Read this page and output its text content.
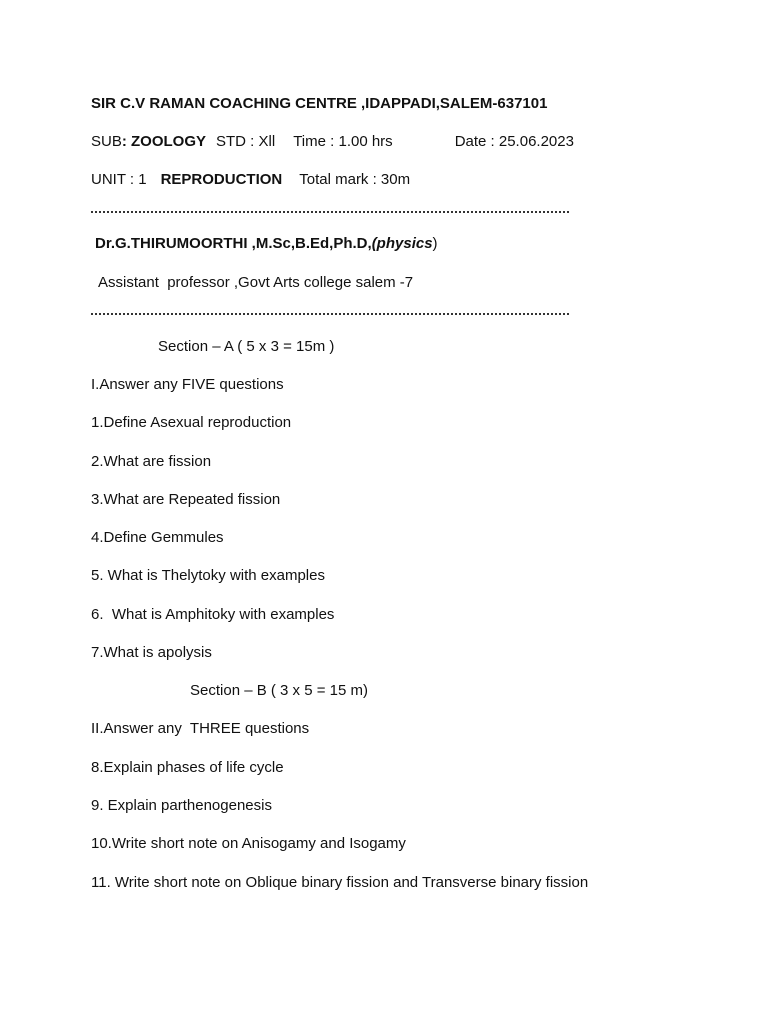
SIR C.V RAMAN COACHING CENTRE ,IDAPPADI,SALEM-637101
SUB: ZOOLOGY STD : Xll Time : 1.00 hrs	Date : 25.06.2023
UNIT : 1 REPRODUCTION Total mark : 30m
Dr.G.THIRUMOORTHI ,M.Sc,B.Ed,Ph.D,(physics)
Assistant  professor ,Govt Arts college salem -7
Section – A ( 5 x 3 = 15m )
I.Answer any FIVE questions
1.Define Asexual reproduction
2.What are fission
3.What are Repeated fission
4.Define Gemmules
5. What is Thelytoky with examples
6.  What is Amphitoky with examples
7.What is apolysis
Section – B ( 3 x 5 = 15 m)
II.Answer any  THREE questions
8.Explain phases of life cycle
9. Explain parthenogenesis
10.Write short note on Anisogamy and Isogamy
11. Write short note on Oblique binary fission and Transverse binary fission
